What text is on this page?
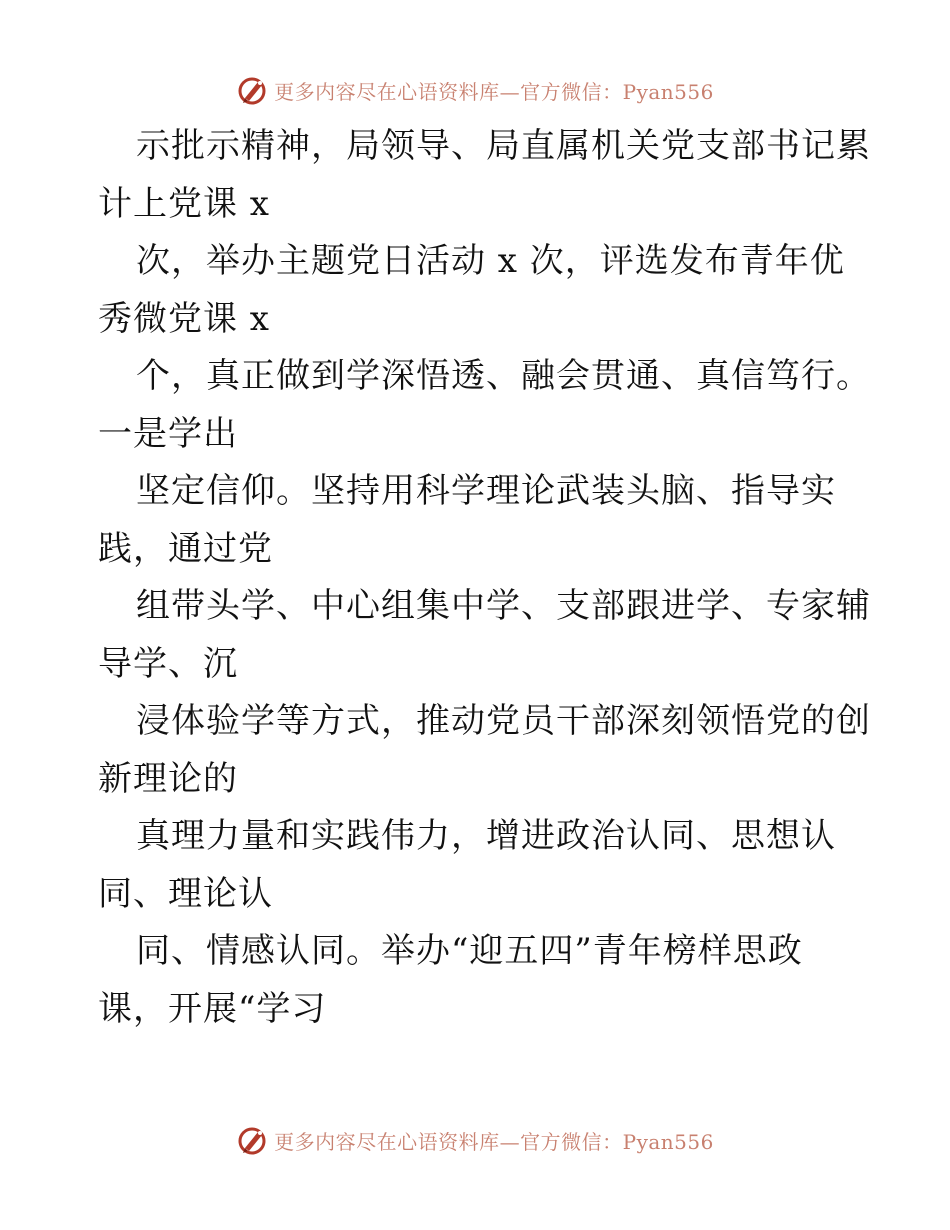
更多内容尽在心语资料库—官方微信：Pyan556
示批示精神，局领导、局直属机关党支部书记累
计上党课 x
次，举办主题党日活动 x 次，评选发布青年优
秀微党课 x
个，真正做到学深悟透、融会贯通、真信笃行。
一是学出
坚定信仰。坚持用科学理论武装头脑、指导实
践，通过党
组带头学、中心组集中学、支部跟进学、专家辅
导学、沉
浸体验学等方式，推动党员干部深刻领悟党的创
新理论的
真理力量和实践伟力，增进政治认同、思想认
同、理论认
同、情感认同。举办“迎五四”青年榜样思政
课，开展“学习
更多内容尽在心语资料库—官方微信：Pyan556
